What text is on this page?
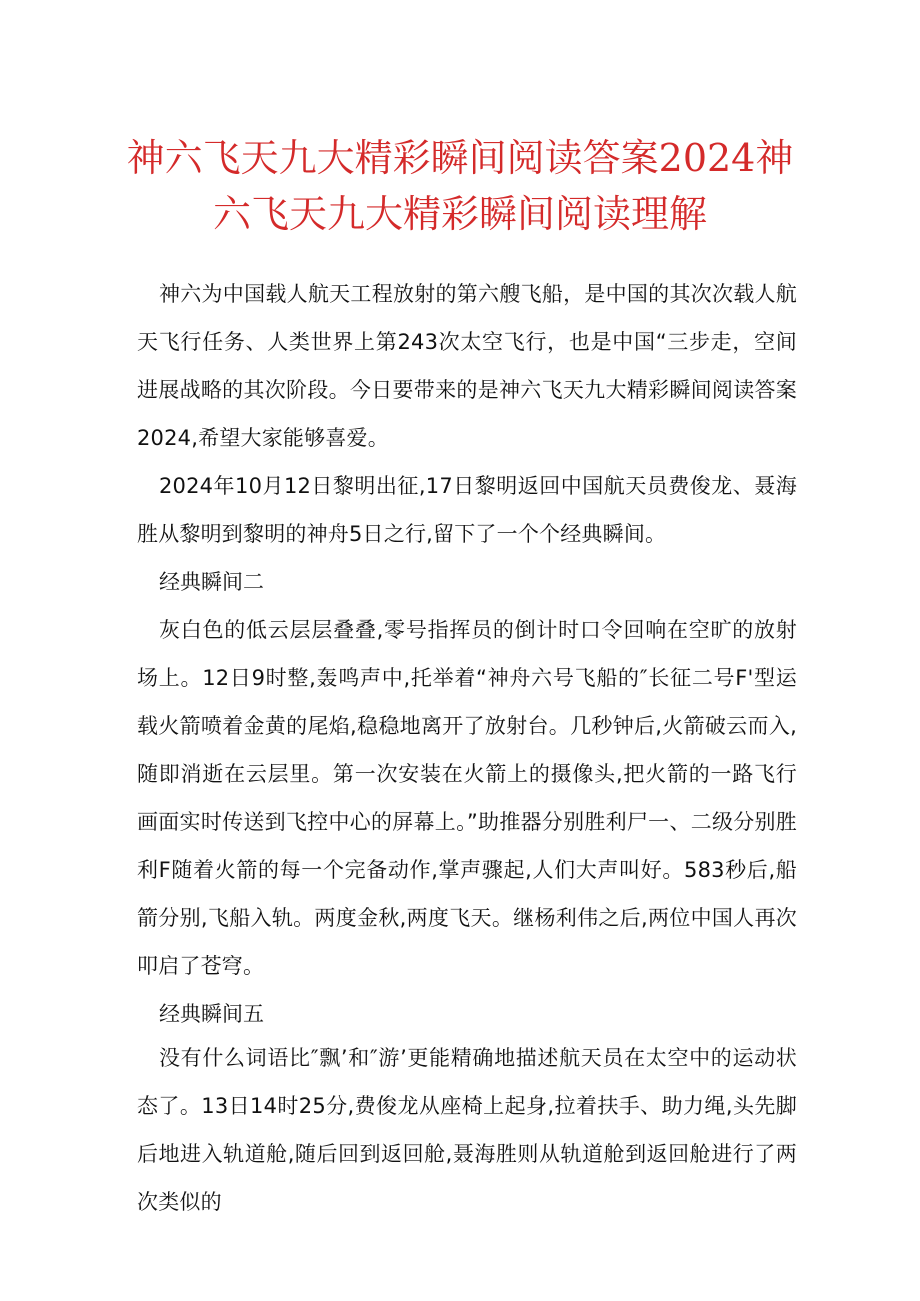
神六飞天九大精彩瞬间阅读答案2024神六飞天九大精彩瞬间阅读理解

神六为中国载人航天工程放射的第六艘飞船，是中国的其次次载人航天飞行任务、人类世界上第243次太空飞行，也是中国“三步走，空间进展战略的其次阶段。今日要带来的是神六飞天九大精彩瞬间阅读答案2024,希望大家能够喜爱。

2024年10月12日黎明出征,17日黎明返回中国航天员费俊龙、聂海胜从黎明到黎明的神舟5日之行,留下了一个个经典瞬间。

经典瞬间二

灰白色的低云层层叠叠,零号指挥员的倒计时口令回响在空旷的放射场上。12日9时整,轰鸣声中,托举着“神舟六号飞船的″长征二号F'型运载火箭喷着金黄的尾焰,稳稳地离开了放射台。几秒钟后,火箭破云而入,随即消逝在云层里。第一次安装在火箭上的摄像头,把火箭的一路飞行画面实时传送到飞控中心的屏幕上。”助推器分别胜利尸一、二级分别胜利F随着火箭的每一个完备动作,掌声骤起,人们大声叫好。583秒后,船箭分别,飞船入轨。两度金秋,两度飞天。继杨利伟之后,两位中国人再次叩启了苍穹。

经典瞬间五

没有什么词语比″飘’和″游’更能精确地描述航天员在太空中的运动状态了。13日14时25分,费俊龙从座椅上起身,拉着扶手、助力绳,头先脚后地进入轨道舱,随后回到返回舱,聂海胜则从轨道舱到返回舱进行了两次类似的
